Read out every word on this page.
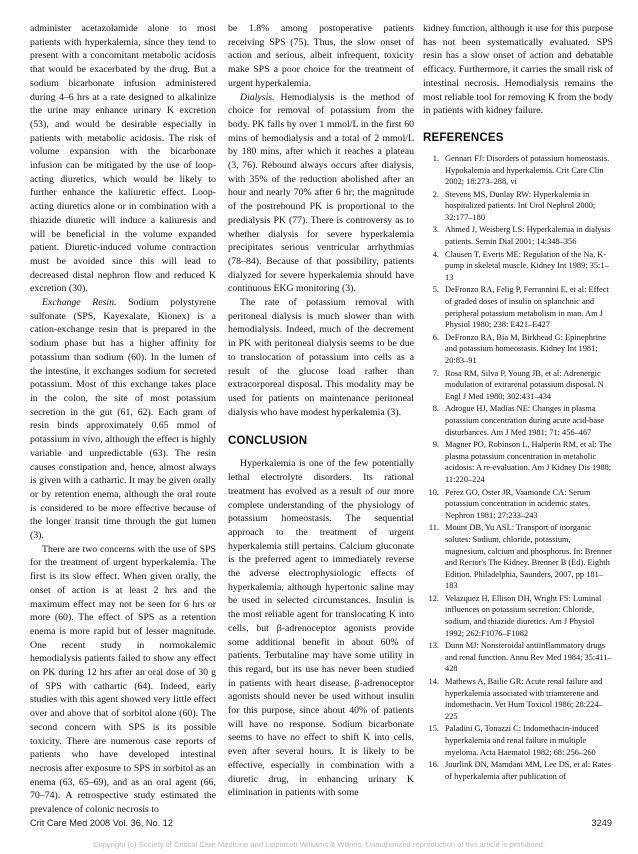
administer acetazolamide alone to most patients with hyperkalemia, since they tend to present with a concomitant metabolic acidosis that would be exacerbated by the drug. But a sodium bicarbonate infusion administered during 4–6 hrs at a rate designed to alkalinize the urine may enhance urinary K excretion (53), and would be desirable especially in patients with metabolic acidosis. The risk of volume expansion with the bicarbonate infusion can be mitigated by the use of loop-acting diuretics, which would be likely to further enhance the kaliuretic effect. Loop-acting diuretics alone or in combination with a thiazide diuretic will induce a kaliuresis and will be beneficial in the volume expanded patient. Diuretic-induced volume contraction must be avoided since this will lead to decreased distal nephron flow and reduced K excretion (30).

Exchange Resin. Sodium polystyrene sulfonate (SPS, Kayexalate, Kionex) is a cation-exchange resin that is prepared in the sodium phase but has a higher affinity for potassium than sodium (60). In the lumen of the intestine, it exchanges sodium for secreted potassium. Most of this exchange takes place in the colon, the site of most potassium secretion in the gut (61, 62). Each gram of resin binds approximately 0.65 mmol of potassium in vivo, although the effect is highly variable and unpredictable (63). The resin causes constipation and, hence, almost always is given with a cathartic. It may be given orally or by retention enema, although the oral route is considered to be more effective because of the longer transit time through the gut lumen (3).

There are two concerns with the use of SPS for the treatment of urgent hyperkalemia. The first is its slow effect. When given orally, the onset of action is at least 2 hrs and the maximum effect may not be seen for 6 hrs or more (60). The effect of SPS as a retention enema is more rapid but of lesser magnitude. One recent study in normokalemic hemodialysis patients failed to show any effect on PK during 12 hrs after an oral dose of 30 g of SPS with cathartic (64). Indeed, early studies with this agent showed very little effect over and above that of sorbitol alone (60). The second concern with SPS is its possible toxicity. There are numerous case reports of patients who have developed intestinal necrosis after exposure to SPS in sorbitol as an enema (63, 65–69), and as an oral agent (66, 70–74). A retrospective study estimated the prevalence of colonic necrosis to

be 1.8% among postoperative patients receiving SPS (75). Thus, the slow onset of action and serious, albeit infrequent, toxicity make SPS a poor choice for the treatment of urgent hyperkalemia.

Dialysis. Hemodialysis is the method of choice for removal of potassium from the body. PK falls by over 1 mmol/L in the first 60 mins of hemodialysis and a total of 2 mmol/L by 180 mins, after which it reaches a plateau (3, 76). Rebound always occurs after dialysis, with 35% of the reduction abolished after an hour and nearly 70% after 6 hr; the magnitude of the postrebound PK is proportional to the predialysis PK (77). There is controversy as to whether dialysis for severe hyperkalemia precipitates serious ventricular arrhythmias (78–84). Because of that possibility, patients dialyzed for severe hyperkalemia should have continuous EKG monitoring (3).

The rate of potassium removal with peritoneal dialysis is much slower than with hemodialysis. Indeed, much of the decrement in PK with peritoneal dialysis seems to be due to translocation of potassium into cells as a result of the glucose load rather than extracorporeal disposal. This modality may be used for patients on maintenance peritoneal dialysis who have modest hyperkalemia (3).

CONCLUSION

Hyperkalemia is one of the few potentially lethal electrolyte disorders. Its rational treatment has evolved as a result of our more complete understanding of the physiology of potassium homeostasis. The sequential approach to the treatment of urgent hyperkalemia still pertains. Calcium gluconate is the preferred agent to immediately reverse the adverse electrophysiologic effects of hyperkalemia, although hypertonic saline may be used in selected circumstances. Insulin is the most reliable agent for translocating K into cells, but β-adrenoceptor agonists provide some additional benefit in about 60% of patients. Terbutaline may have some utility in this regard, but its use has never been studied in patients with heart disease. β-adrenoceptor agonists should never be used without insulin for this purpose, since about 40% of patients will have no response. Sodium bicarbonate seems to have no effect to shift K into cells, even after several hours. It is likely to be effective, especially in combination with a diuretic drug, in enhancing urinary K elimination in patients with some

kidney function, although it use for this purpose has not been systematically evaluated. SPS resin has a slow onset of action and debatable efficacy. Furthermore, it carries the small risk of intestinal necrosis. Hemodialysis remains the most reliable tool for removing K from the body in patients with kidney failure.

REFERENCES
1. Gennari FJ: Disorders of potassium homeostasis. Hypokalemia and hyperkalemia. Crit Care Clin 2002; 18:273–288, vi
2. Stevens MS, Dunlay RW: Hyperkalemia in hospitalized patients. Int Urol Nephrol 2000; 32:177–180
3. Ahmed J, Weisberg LS: Hyperkalemia in dialysis patients. Semin Dial 2001; 14:348–356
4. Clausen T, Everts ME: Regulation of the Na, K-pump in skeletal muscle. Kidney Int 1989; 35:1–13
5. DeFronzo RA, Felig P, Ferrannini E, et al: Effect of graded doses of insulin on splanchnic and peripheral potassium metabolism in man. Am J Physiol 1980; 238: E421–E427
6. DeFronzo RA, Bia M, Birkhead G: Epinephrine and potassium homeostasis. Kidney Int 1981; 20:83–91
7. Rosa RM, Silva P, Young JB, et al: Adrenergic modulation of extrarenal potassium disposal. N Engl J Med 1980; 302:431–434
8. Adrogue HJ, Madias NE: Changes in plasma potassium concentration during acute acid-base disturbances. Am J Med 1981; 71: 456–467
9. Magner PO, Robinson L, Halperin RM, et al: The plasma potassium concentration in metabolic acidosis: A re-evaluation. Am J Kidney Dis 1988; 11:220–224
10. Perez GO, Oster JR, Vaamonde CA: Serum potassium concentration in acidemic states. Nephron 1981; 27:233–243
11. Mount DB, Yu ASL: Transport of inorganic solutes: Sodium, chloride, potassium, magnesium, calcium and phosphorus. In: Brenner and Rector's The Kidney. Brenner B (Ed). Eighth Edition. Philadelphia, Saunders, 2007, pp 181–183
12. Velazquez H, Ellison DH, Wright FS: Luminal influences on potassium secretion: Chloride, sodium, and thiazide diuretics. Am J Physiol 1992; 262:F1076–F1082
13. Dunn MJ: Nonsteroidal antiinflammatory drugs and renal function. Annu Rev Med 1984; 35:411–428
14. Mathews A, Bailie GR: Acute renal failure and hyperkalemia associated with triamterene and indomethacin. Vet Hum Toxicol 1986; 28:224–225
15. Paladini G, Tonazzi C: Indomethacin-induced hyperkalemia and renal failure in multiple myeloma. Acta Haematol 1982; 68: 256–260
16. Juurlink DN, Mamdani MM, Lee DS, et al: Rates of hyperkalemia after publication of
Crit Care Med 2008 Vol. 36, No. 12	3249
Copyright (c) Society of Critical Care Medicine and Lippincott Williams & Wilkins. Unauthorized reproduction of this article is prohibited.
